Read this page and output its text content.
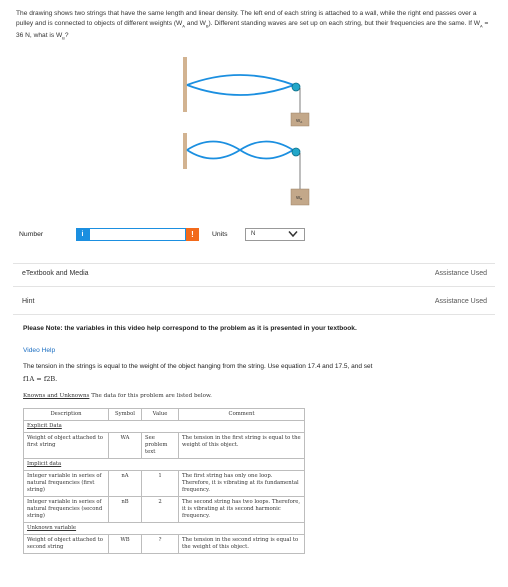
The drawing shows two strings that have the same length and linear density. The left end of each string is attached to a wall, while the right end passes over a pulley and is connected to objects of different weights ($W_A$ and $W_B$). Different standing waves are set up on each string, but their frequencies are the same. If $W_A = 36$ N, what is $W_B$?
$W_A$
$W_B$
Number	i	!	Units	N
eTextbook and Media	Assistance Used
Hint	Assistance Used
Please Note: the variables in this video help correspond to the problem as it is presented in your textbook.
Video Help
The tension in the strings is equal to the weight of the object hanging from the string. Use equation 17.4 and 17.5, and set
f1A = f2B.
Knowns and Unknowns The data for this problem are listed below.
Description	Symbol	Value	Comment
Explicit Data			
Weight of object attached to first string	WA	See problem text	The tension in the first string is equal to the weight of this object.
Implicit data			
Integer variable in series of natural frequencies (first string)	nA	1	The first string has only one loop. Therefore, it is vibrating at its fundamental frequency.
Integer variable in series of natural frequencies (second string)	nB	2	The second string has two loops. Therefore, it is vibrating at its second harmonic frequency.
Unknown variable			
Weight of object attached to second string	WB	?	The tension in the second string is equal to the weight of this object.
